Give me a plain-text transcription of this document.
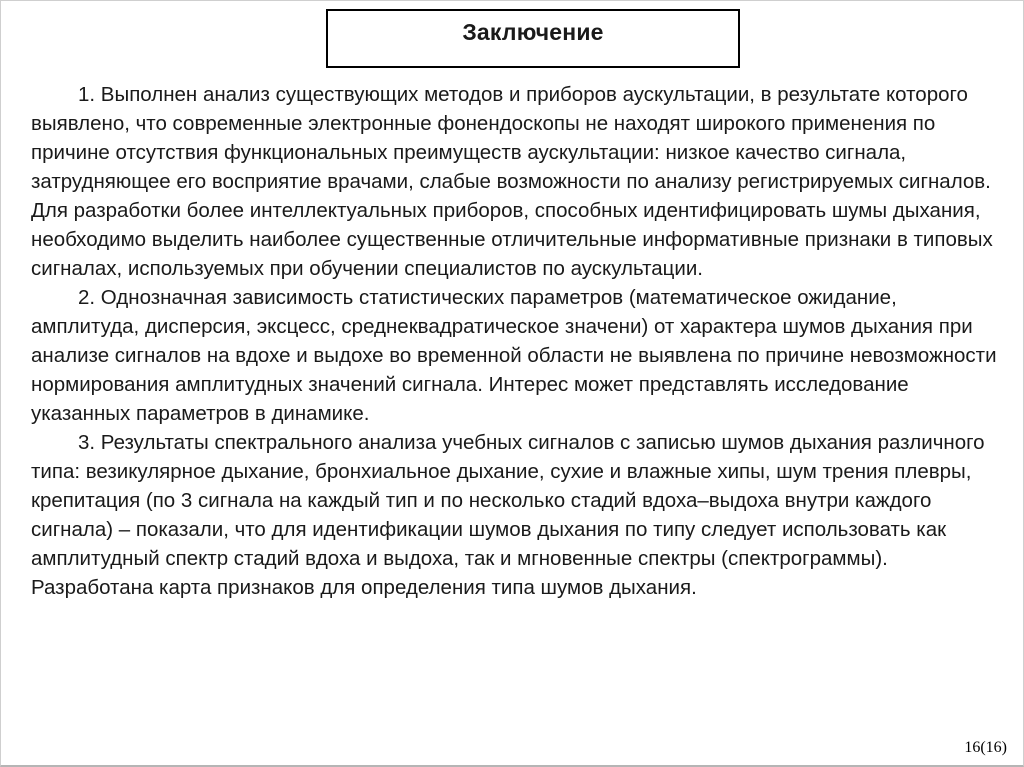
Заключение

1. Выполнен анализ существующих методов и приборов аускультации, в результате которого выявлено, что современные электронные фонендоскопы не находят широкого применения по причине отсутствия функциональных преимуществ аускультации: низкое качество сигнала, затрудняющее его восприятие врачами, слабые возможности по анализу регистрируемых сигналов. Для разработки более интеллектуальных приборов, способных идентифицировать шумы дыхания, необходимо выделить наиболее существенные отличительные информативные признаки в типовых сигналах, используемых при обучении специалистов по аускультации.

2. Однозначная зависимость статистических параметров (математическое ожидание, амплитуда, дисперсия, эксцесс, среднеквадратическое значени) от характера шумов дыхания при анализе сигналов на вдохе и выдохе во временной области не выявлена по причине невозможности нормирования амплитудных значений сигнала. Интерес может представлять исследование указанных параметров в динамике.

3. Результаты спектрального анализа учебных сигналов с записью шумов дыхания различного типа: везикулярное дыхание, бронхиальное дыхание, сухие и влажные хипы, шум трения плевры, крепитация (по 3 сигнала на каждый тип и по несколько стадий вдоха–выдоха внутри каждого сигнала) – показали, что для идентификации шумов дыхания по типу следует использовать как амплитудный спектр стадий вдоха и выдоха, так и мгновенные спектры (спектрограммы). Разработана карта признаков для определения типа шумов дыхания.

16(16)
